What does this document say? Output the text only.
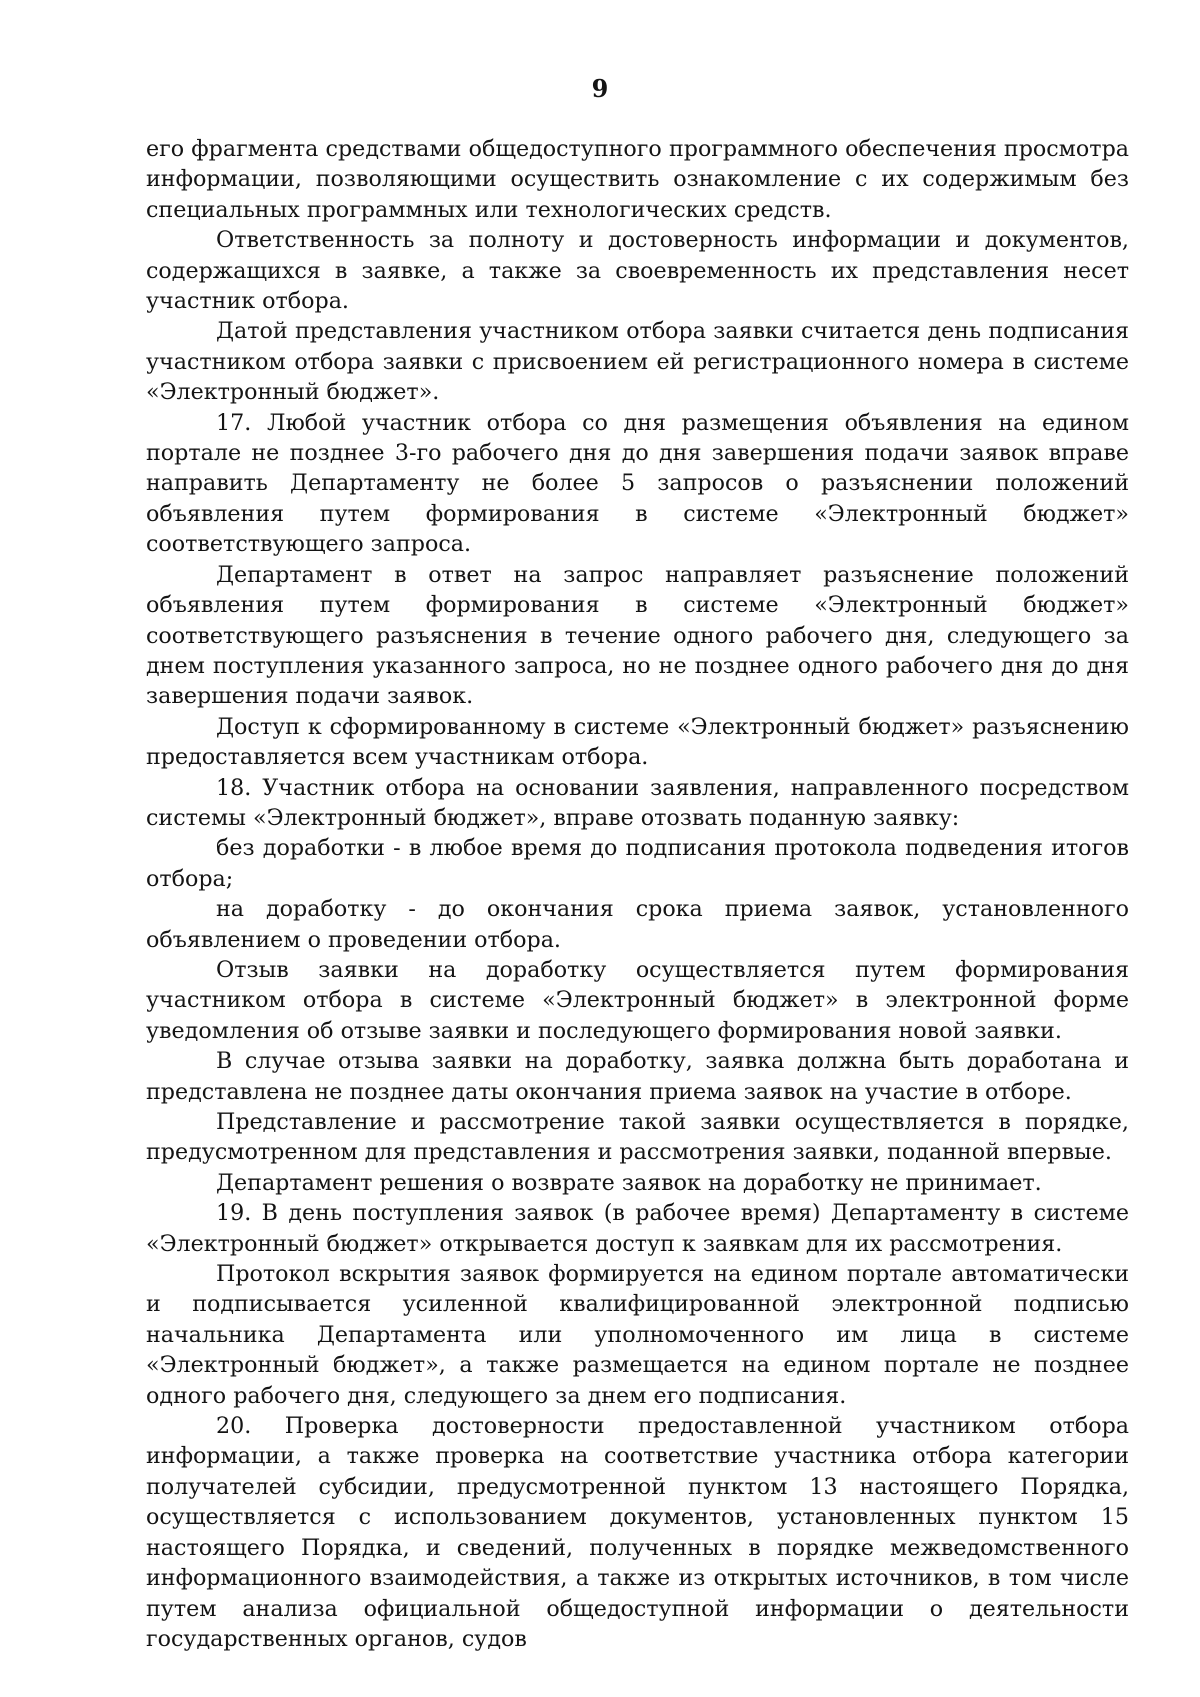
9

его фрагмента средствами общедоступного программного обеспечения просмотра информации, позволяющими осуществить ознакомление с их содержимым без специальных программных или технологических средств.

Ответственность за полноту и достоверность информации и документов, содержащихся в заявке, а также за своевременность их представления несет участник отбора.

Датой представления участником отбора заявки считается день подписания участником отбора заявки с присвоением ей регистрационного номера в системе «Электронный бюджет».

17. Любой участник отбора со дня размещения объявления на едином портале не позднее 3-го рабочего дня до дня завершения подачи заявок вправе направить Департаменту не более 5 запросов о разъяснении положений объявления путем формирования в системе «Электронный бюджет» соответствующего запроса.

Департамент в ответ на запрос направляет разъяснение положений объявления путем формирования в системе «Электронный бюджет» соответствующего разъяснения в течение одного рабочего дня, следующего за днем поступления указанного запроса, но не позднее одного рабочего дня до дня завершения подачи заявок.

Доступ к сформированному в системе «Электронный бюджет» разъяснению предоставляется всем участникам отбора.

18. Участник отбора на основании заявления, направленного посредством системы «Электронный бюджет», вправе отозвать поданную заявку:

без доработки - в любое время до подписания протокола подведения итогов отбора;

на доработку - до окончания срока приема заявок, установленного объявлением о проведении отбора.

Отзыв заявки на доработку осуществляется путем формирования участником отбора в системе «Электронный бюджет» в электронной форме уведомления об отзыве заявки и последующего формирования новой заявки.

В случае отзыва заявки на доработку, заявка должна быть доработана и представлена не позднее даты окончания приема заявок на участие в отборе.

Представление и рассмотрение такой заявки осуществляется в порядке, предусмотренном для представления и рассмотрения заявки, поданной впервые.

Департамент решения о возврате заявок на доработку не принимает.

19. В день поступления заявок (в рабочее время) Департаменту в системе «Электронный бюджет» открывается доступ к заявкам для их рассмотрения.

Протокол вскрытия заявок формируется на едином портале автоматически и подписывается усиленной квалифицированной электронной подписью начальника Департамента или уполномоченного им лица в системе «Электронный бюджет», а также размещается на едином портале не позднее одного рабочего дня, следующего за днем его подписания.

20. Проверка достоверности предоставленной участником отбора информации, а также проверка на соответствие участника отбора категории получателей субсидии, предусмотренной пунктом 13 настоящего Порядка, осуществляется с использованием документов, установленных пунктом 15 настоящего Порядка, и сведений, полученных в порядке межведомственного информационного взаимодействия, а также из открытых источников, в том числе путем анализа официальной общедоступной информации о деятельности государственных органов, судов
